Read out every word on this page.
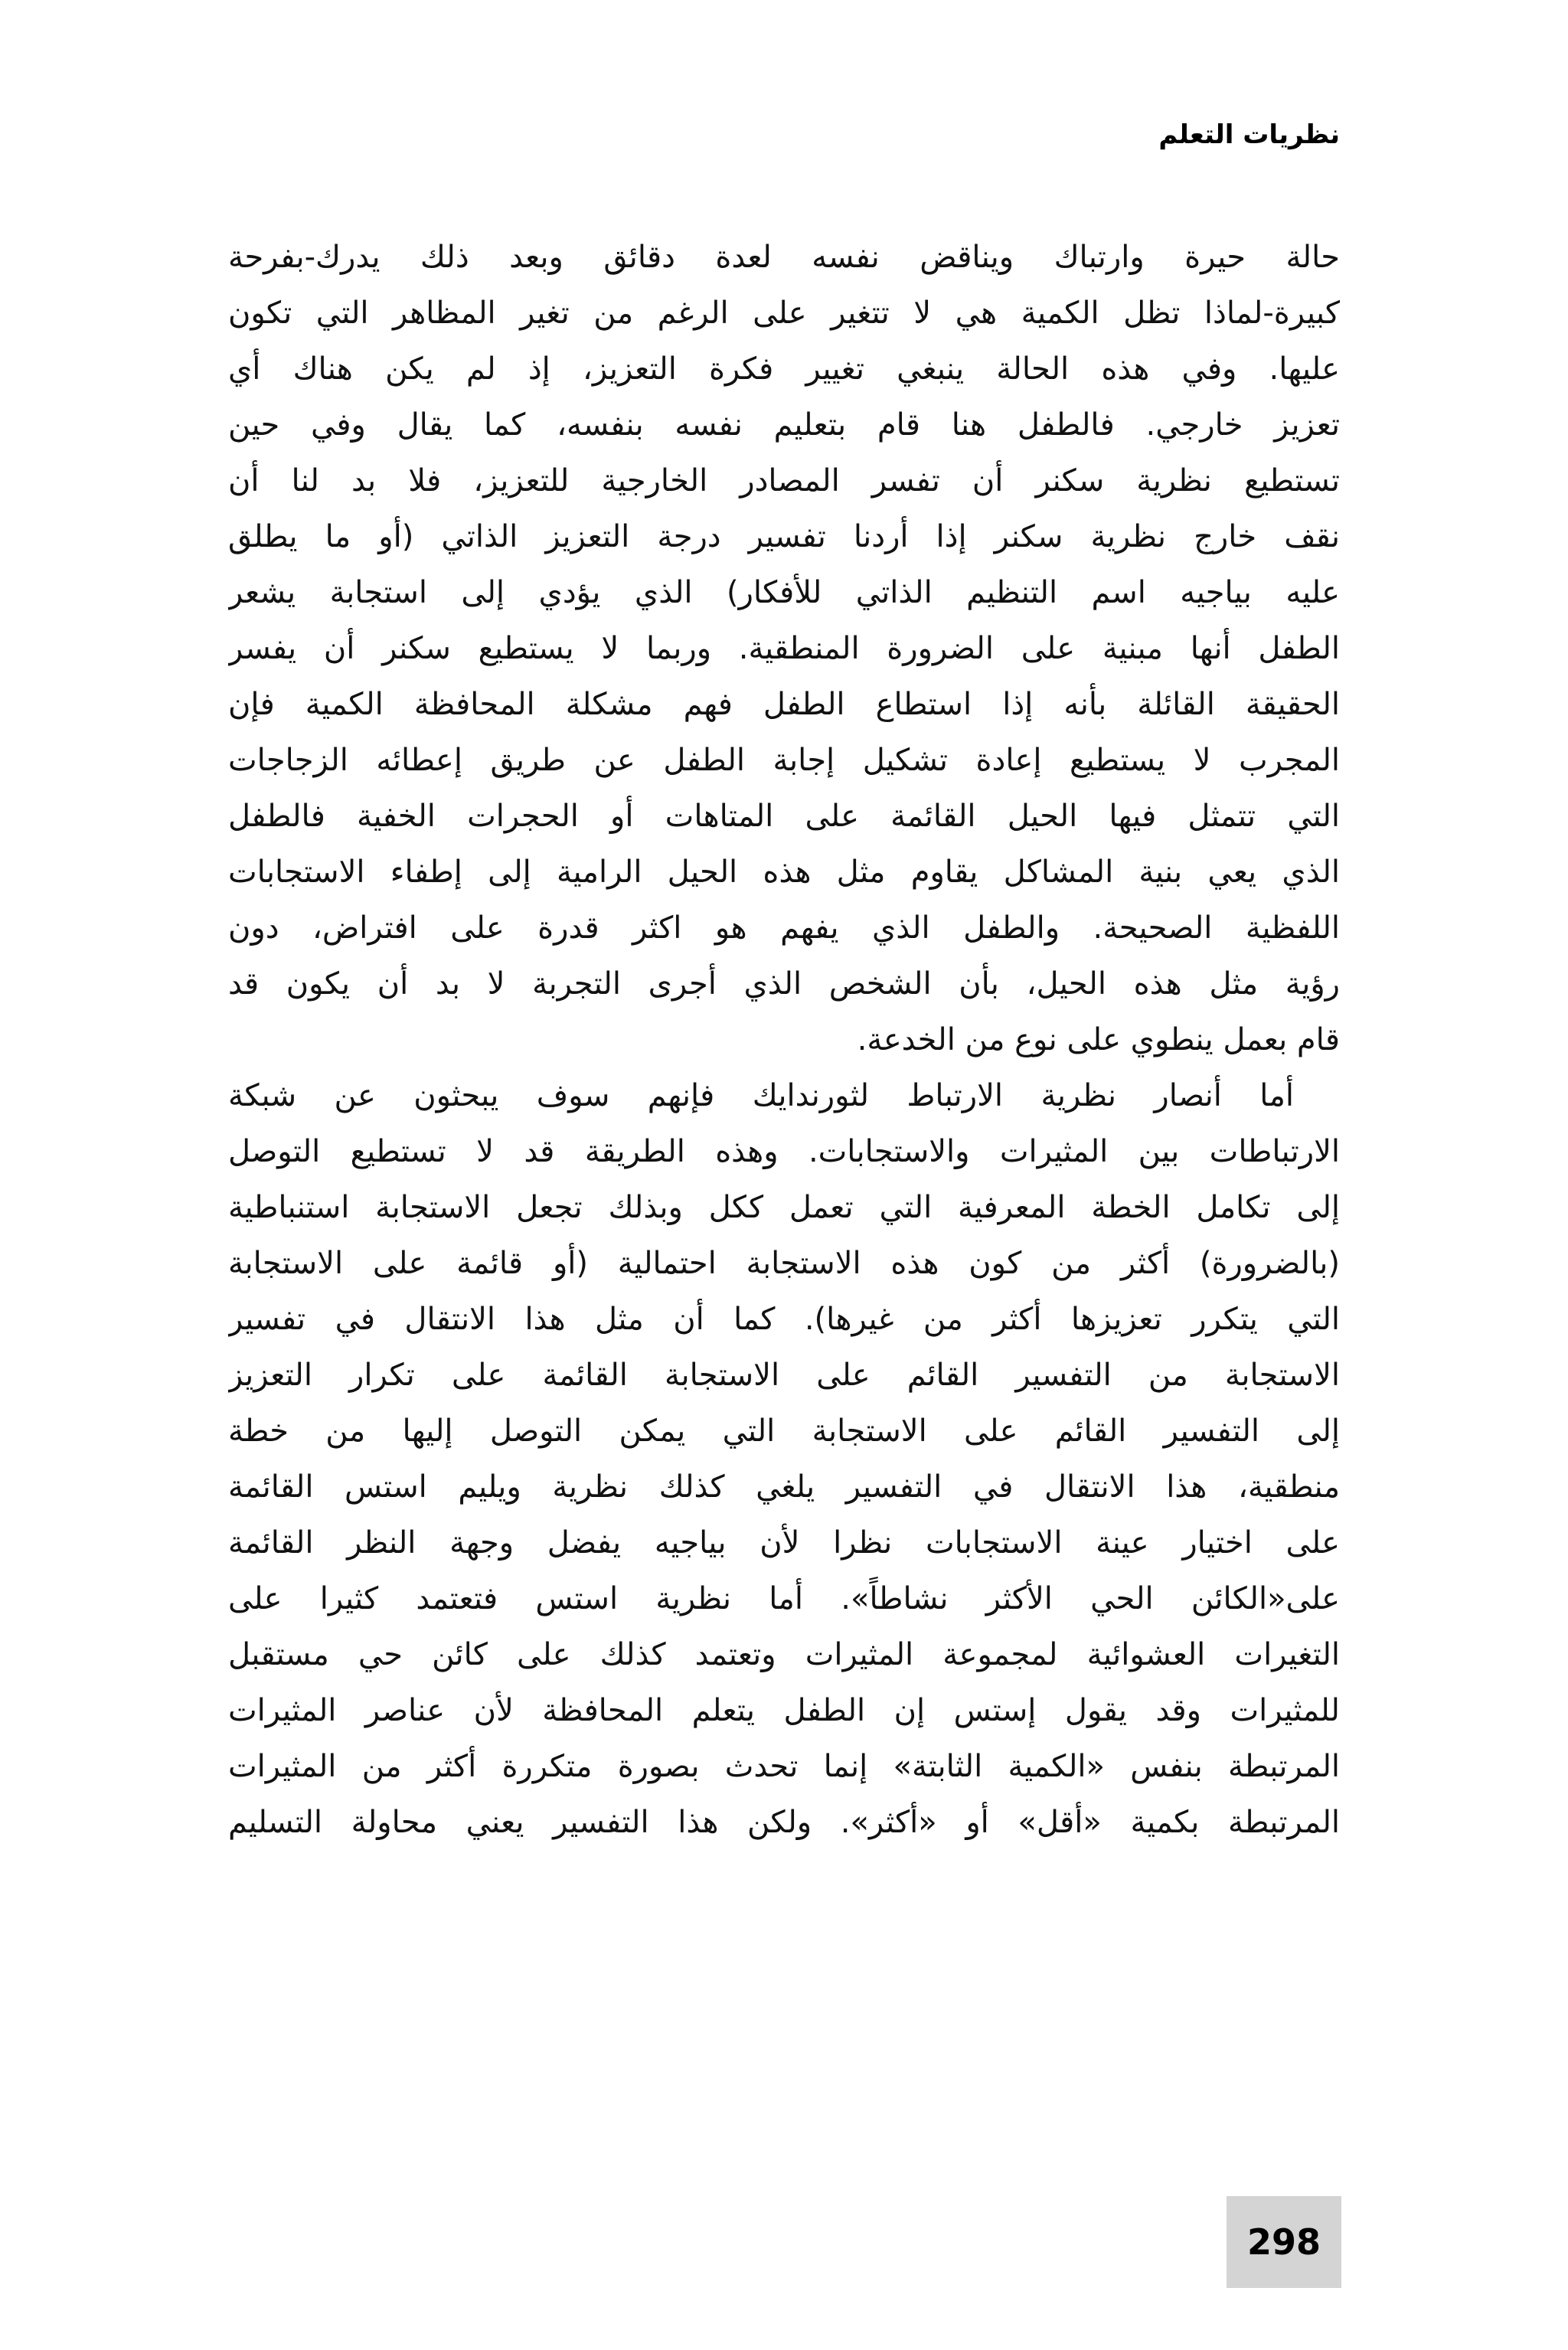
نظريات التعلم
حالة حيرة وارتباك ويناقض نفسه لعدة دقائق وبعد ذلك يدرك-بفرحة
كبيرة-لماذا تظل الكمية هي لا تتغير على الرغم من تغير المظاهر التي تكون
عليها. وفي هذه الحالة ينبغي تغيير فكرة التعزيز، إذ لم يكن هناك أي
تعزيز خارجي. فالطفل هنا قام بتعليم نفسه بنفسه، كما يقال وفي حين
تستطيع نظرية سكنر أن تفسر المصادر الخارجية للتعزيز، فلا بد لنا أن
نقف خارج نظرية سكنر إذا أردنا تفسير درجة التعزيز الذاتي (أو ما يطلق
عليه بياجيه اسم التنظيم الذاتي للأفكار) الذي يؤدي إلى استجابة يشعر
الطفل أنها مبنية على الضرورة المنطقية. وربما لا يستطيع سكنر أن يفسر
الحقيقة القائلة بأنه إذا استطاع الطفل فهم مشكلة المحافظة الكمية فإن
المجرب لا يستطيع إعادة تشكيل إجابة الطفل عن طريق إعطائه الزجاجات
التي تتمثل فيها الحيل القائمة على المتاهات أو الحجرات الخفية فالطفل
الذي يعي بنية المشاكل يقاوم مثل هذه الحيل الرامية إلى إطفاء الاستجابات
اللفظية الصحيحة. والطفل الذي يفهم هو اكثر قدرة على افتراض، دون
رؤية مثل هذه الحيل، بأن الشخص الذي أجرى التجربة لا بد أن يكون قد
قام بعمل ينطوي على نوع من الخدعة.
أما أنصار نظرية الارتباط لثورندايك فإنهم سوف يبحثون عن شبكة
الارتباطات بين المثيرات والاستجابات. وهذه الطريقة قد لا تستطيع التوصل
إلى تكامل الخطة المعرفية التي تعمل ككل وبذلك تجعل الاستجابة استنباطية
(بالضرورة) أكثر من كون هذه الاستجابة احتمالية (أو قائمة على الاستجابة
التي يتكرر تعزيزها أكثر من غيرها). كما أن مثل هذا الانتقال في تفسير
الاستجابة من التفسير القائم على الاستجابة القائمة على تكرار التعزيز
إلى التفسير القائم على الاستجابة التي يمكن التوصل إليها من خطة
منطقية، هذا الانتقال في التفسير يلغي كذلك نظرية ويليم استس القائمة
على اختيار عينة الاستجابات نظرا لأن بياجيه يفضل وجهة النظر القائمة
على«الكائن الحي الأكثر نشاطاً». أما نظرية استس فتعتمد كثيرا على
التغيرات العشوائية لمجموعة المثيرات وتعتمد كذلك على كائن حي مستقبل
للمثيرات وقد يقول إستس إن الطفل يتعلم المحافظة لأن عناصر المثيرات
المرتبطة بنفس «الكمية الثابتة» إنما تحدث بصورة متكررة أكثر من المثيرات
المرتبطة بكمية «أقل» أو «أكثر». ولكن هذا التفسير يعني محاولة التسليم
298
